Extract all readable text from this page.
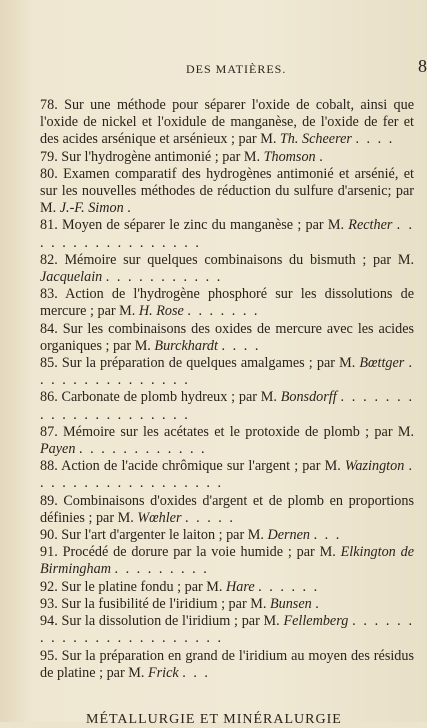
DES MATIÈRES.	8
78. Sur une méthode pour séparer l'oxide de cobalt, ainsi que l'oxide de nickel et l'oxidule de manganèse, de l'oxide de fer et des acides arsénique et arsénieux ; par M. Th. Scheerer . . . .
79. Sur l'hydrogène antimonié ; par M. Thomson .
80. Examen comparatif des hydrogènes antimonié et arsénié, et sur les nouvelles méthodes de réduction du sulfure d'arsenic; par M. J.-F. Simon .
81. Moyen de séparer le zinc du manganèse ; par M. Recther . . . . . . . . . . . . . . . . .
82. Mémoire sur quelques combinaisons du bismuth ; par M. Jacquelain . . . . . . . . . . .
83. Action de l'hydrogène phosphoré sur les dissolutions de mercure ; par M. H. Rose . . . . . . .
84. Sur les combinaisons des oxides de mercure avec les acides organiques ; par M. Burckhardt . . . .
85. Sur la préparation de quelques amalgames ; par M. Bœttger . . . . . . . . . . . . . . .
86. Carbonate de plomb hydreux ; par M. Bonsdorff . . . . . . . . . . . . . . . . . . . . .
87. Mémoire sur les acétates et le protoxide de plomb ; par M. Payen . . . . . . . . . . . .
88. Action de l'acide chrômique sur l'argent ; par M. Wazington . . . . . . . . . . . . . . . . . .
89. Combinaisons d'oxides d'argent et de plomb en proportions définies ; par M. Wœhler . . . . .
90. Sur l'art d'argenter le laiton ; par M. Dernen . . .
91. Procédé de dorure par la voie humide ; par M. Elkington de Birmingham . . . . . . . . .
92. Sur le platine fondu ; par M. Hare . . . . . .
93. Sur la fusibilité de l'iridium ; par M. Bunsen .
94. Sur la dissolution de l'iridium ; par M. Fellemberg . . . . . . . . . . . . . . . . . . . . . . .
95. Sur la préparation en grand de l'iridium au moyen des résidus de platine ; par M. Frick . . .
MÉTALLURGIE ET MINÉRALURGIE
